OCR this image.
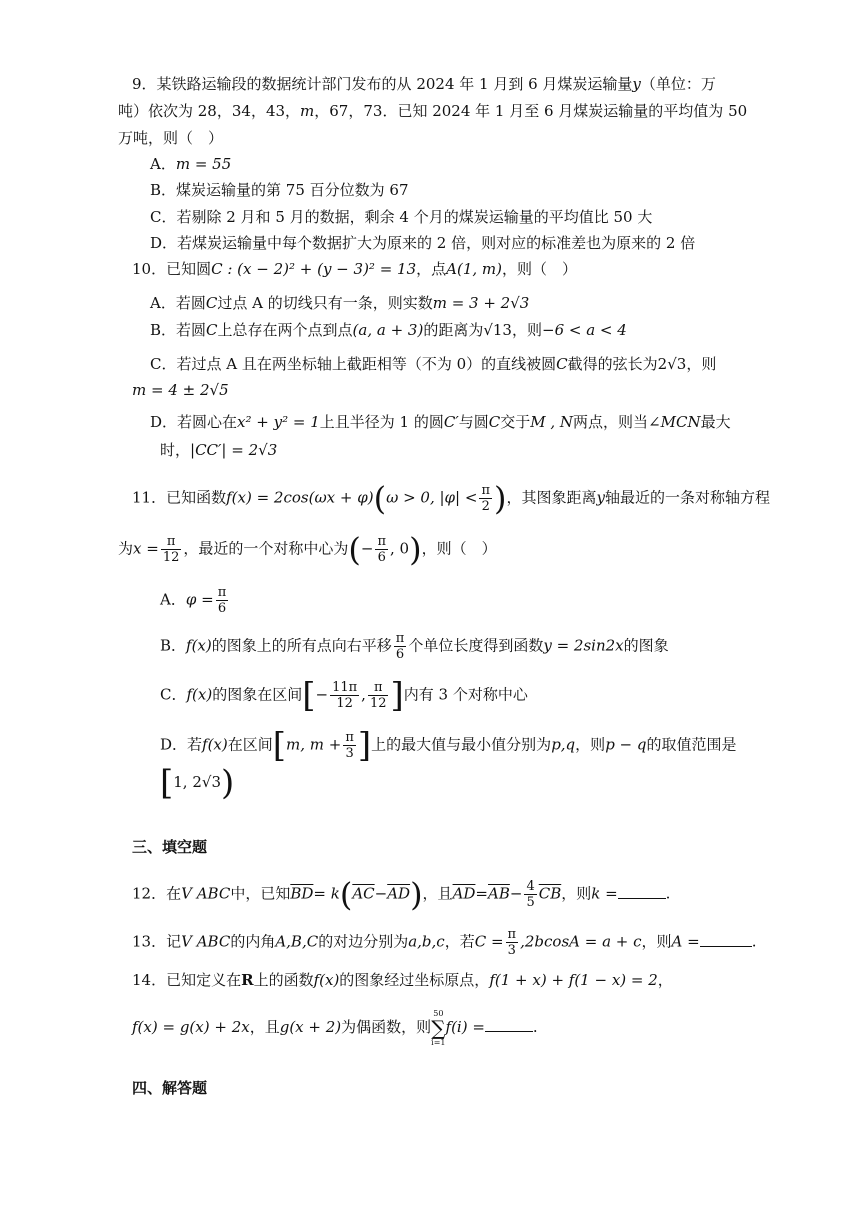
9．某铁路运输段的数据统计部门发布的从 2024 年 1 月到 6 月煤炭运输量y（单位：万
吨）依次为 28，34，43，m，67，73．已知 2024 年 1 月至 6 月煤炭运输量的平均值为 50
万吨，则（　）
A．m = 55
B．煤炭运输量的第 75 百分位数为 67
C．若剔除 2 月和 5 月的数据，剩余 4 个月的煤炭运输量的平均值比 50 大
D．若煤炭运输量中每个数据扩大为原来的 2 倍，则对应的标准差也为原来的 2 倍
10．已知圆C : (x − 2)² + (y − 3)² = 13，点A(1, m)，则（　）
A．若圆C过点 A 的切线只有一条，则实数m = 3 + 2√3
B．若圆C上总存在两个点到点(a, a + 3)的距离为√13，则−6 < a < 4
C．若过点 A 且在两坐标轴上截距相等（不为 0）的直线被圆C截得的弦长为2√3，则
m = 4 ± 2√5
D．若圆心在x² + y² = 1上且半径为 1 的圆C′与圆C交于M , N两点，则当∠MCN最大
时，|CC′| = 2√3
11．已知函数f(x) = 2cos(ωx + φ)(ω > 0, $|\varphi| < \frac{\pi}{2}$ )，其图象距离y轴最近的一条对称轴方程
为$x = \frac{\pi}{12}$ ，最近的一个对称中心为(− $\frac{\pi}{6}$ , 0)，则（　）
A．$\varphi = \frac{\pi}{6}$
B．f(x)的图象上的所有点向右平移 $\frac{\pi}{6}$ 个单位长度得到函数y = 2sin2x的图象
C．f(x)的图象在区间[− $\frac{11\pi}{12}$ , $\frac{\pi}{12}$ ]内有 3 个对称中心
D．若f(x)在区间[m, $m + \frac{\pi}{3}$ ]上的最大值与最小值分别为p,q，则p − q的取值范围是
[1, 2√3)
三、填空题
12．在V ABC中，已知$\overline{BD}= k(\overline{AC}-\overline{AD})$，且$\overline{AD}=\overline{AB}- \frac{4}{5} \overline{CB}$，则k =	.
13．记V ABC的内角A,B,C的对边分别为a,b,c，若$C = \frac{\pi}{3} ,2bcosA = a + c$，则A =	.
14．已知定义在R上的函数f(x)的图象经过坐标原点，f(1 + x) + f(1 − x) = 2，
f(x) = g(x) + 2x，且g(x + 2)为偶函数，则50
∑
i=1f(i) =	.
四、解答题
